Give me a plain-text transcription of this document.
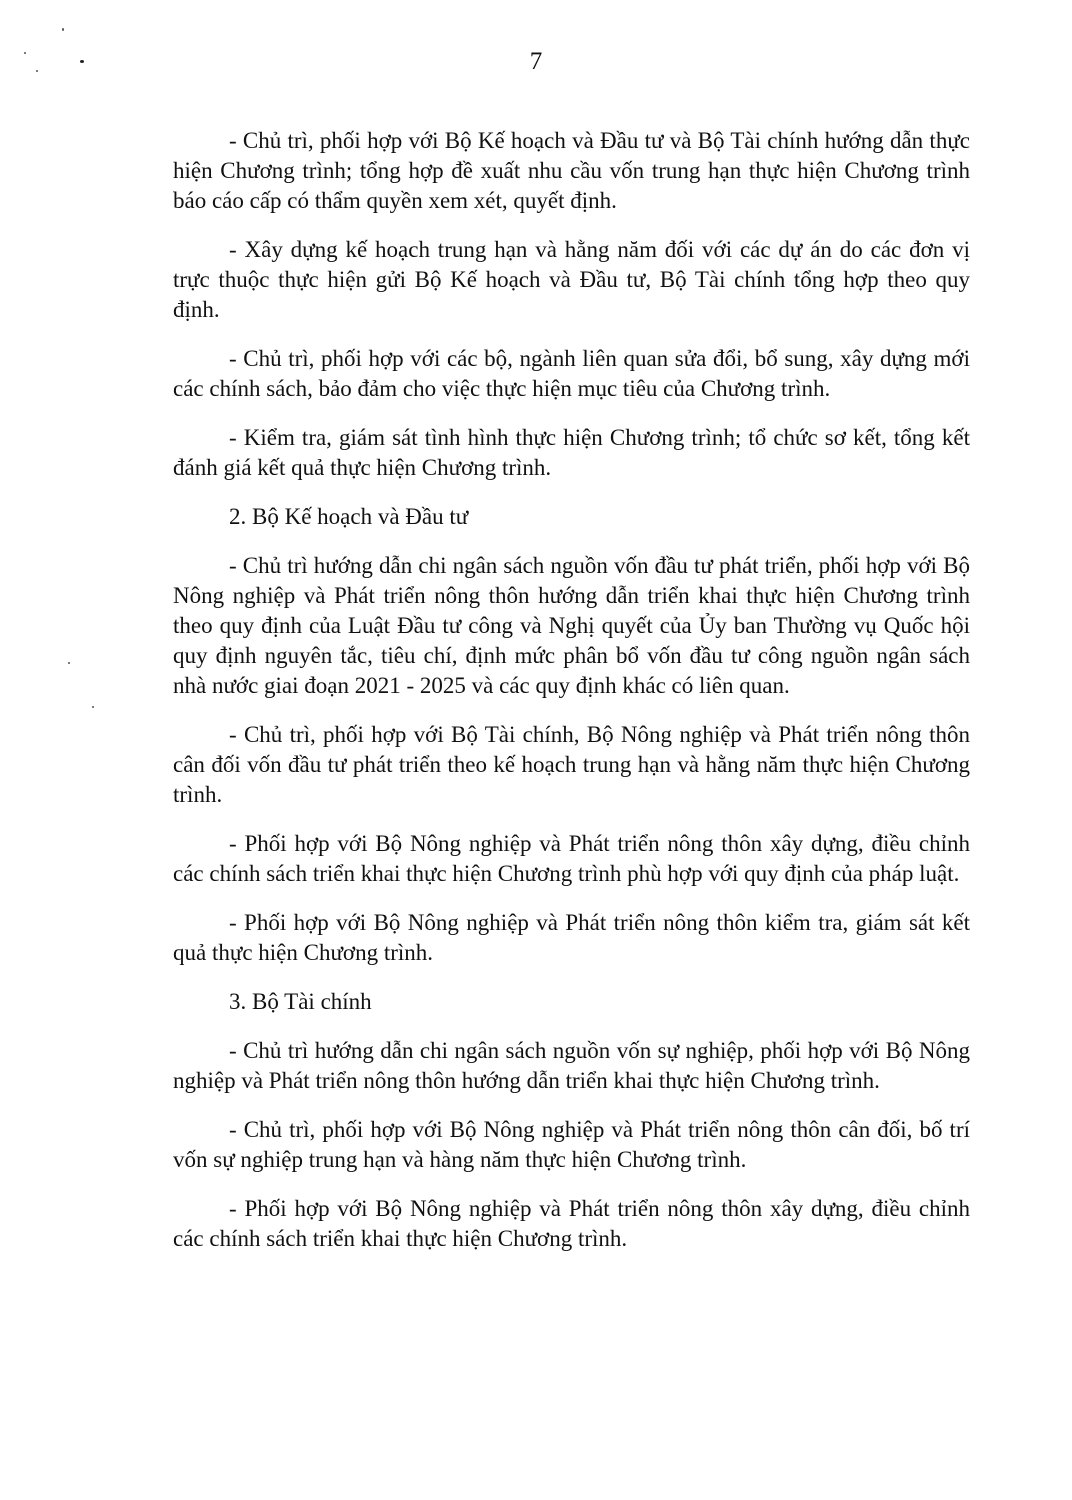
7

- Chủ trì, phối hợp với Bộ Kế hoạch và Đầu tư và Bộ Tài chính hướng dẫn thực hiện Chương trình; tổng hợp đề xuất nhu cầu vốn trung hạn thực hiện Chương trình báo cáo cấp có thẩm quyền xem xét, quyết định.

- Xây dựng kế hoạch trung hạn và hằng năm đối với các dự án do các đơn vị trực thuộc thực hiện gửi Bộ Kế hoạch và Đầu tư, Bộ Tài chính tổng hợp theo quy định.

- Chủ trì, phối hợp với các bộ, ngành liên quan sửa đổi, bổ sung, xây dựng mới các chính sách, bảo đảm cho việc thực hiện mục tiêu của Chương trình.

- Kiểm tra, giám sát tình hình thực hiện Chương trình; tổ chức sơ kết, tổng kết đánh giá kết quả thực hiện Chương trình.

2. Bộ Kế hoạch và Đầu tư

- Chủ trì hướng dẫn chi ngân sách nguồn vốn đầu tư phát triển, phối hợp với Bộ Nông nghiệp và Phát triển nông thôn hướng dẫn triển khai thực hiện Chương trình theo quy định của Luật Đầu tư công và Nghị quyết của Ủy ban Thường vụ Quốc hội quy định nguyên tắc, tiêu chí, định mức phân bổ vốn đầu tư công nguồn ngân sách nhà nước giai đoạn 2021 - 2025 và các quy định khác có liên quan.

- Chủ trì, phối hợp với Bộ Tài chính, Bộ Nông nghiệp và Phát triển nông thôn cân đối vốn đầu tư phát triển theo kế hoạch trung hạn và hằng năm thực hiện Chương trình.

- Phối hợp với Bộ Nông nghiệp và Phát triển nông thôn xây dựng, điều chỉnh các chính sách triển khai thực hiện Chương trình phù hợp với quy định của pháp luật.

- Phối hợp với Bộ Nông nghiệp và Phát triển nông thôn kiểm tra, giám sát kết quả thực hiện Chương trình.

3. Bộ Tài chính

- Chủ trì hướng dẫn chi ngân sách nguồn vốn sự nghiệp, phối hợp với Bộ Nông nghiệp và Phát triển nông thôn hướng dẫn triển khai thực hiện Chương trình.

- Chủ trì, phối hợp với Bộ Nông nghiệp và Phát triển nông thôn cân đối, bố trí vốn sự nghiệp trung hạn và hàng năm thực hiện Chương trình.

- Phối hợp với Bộ Nông nghiệp và Phát triển nông thôn xây dựng, điều chỉnh các chính sách triển khai thực hiện Chương trình.
